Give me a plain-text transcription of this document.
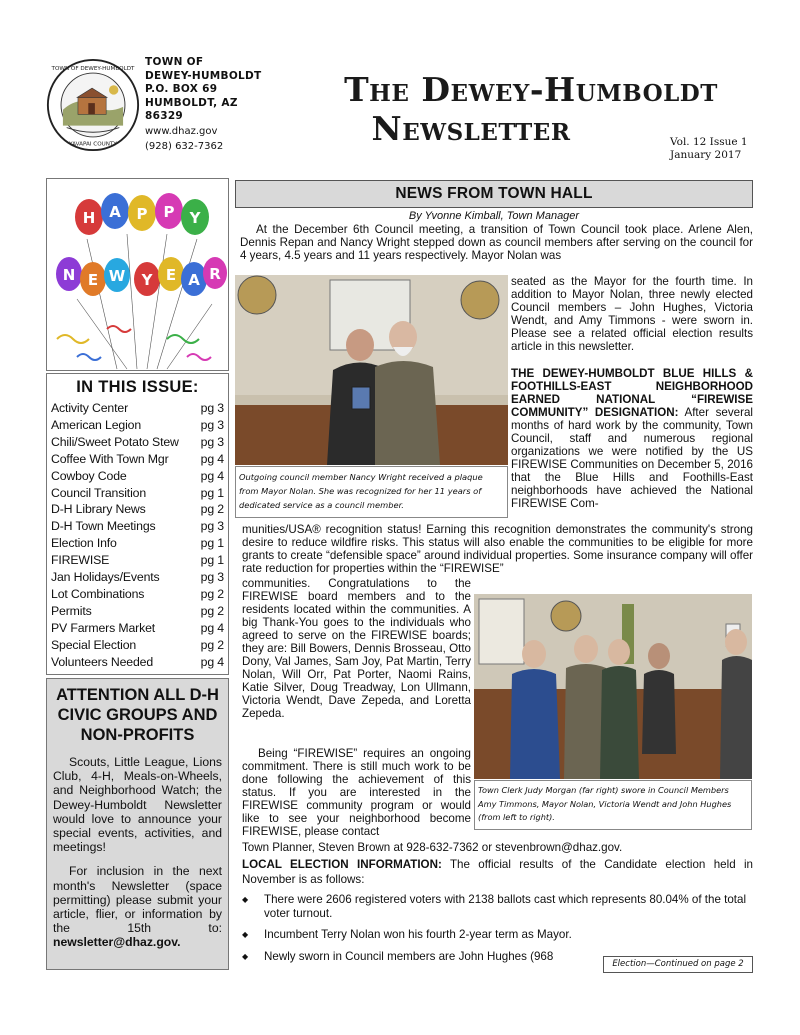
TOWN OF DEWEY-HUMBOLDT
YAVAPAI COUNTY
TOWN OF
DEWEY-HUMBOLDT
P.O. BOX 69
HUMBOLDT, AZ
86329
www.dhaz.gov
(928) 632-7362
The Dewey-Humboldt
Newsletter	Vol. 12 Issue 1
January 2017
H A P P Y
N E W Y E A R
IN THIS ISSUE:
Activity Center	pg 3
American Legion	pg 3
Chili/Sweet Potato Stew pg 3
Coffee With Town Mgr	pg 4
Cowboy Code	pg 4
Council Transition	pg 1
D-H Library News	pg 2
D-H Town Meetings	pg 3
Election Info	pg 1
FIREWISE	pg 1
Jan Holidays/Events	pg 3
Lot Combinations	pg 2
Permits	pg 2
PV Farmers Market	pg 4
Special Election	pg 2
Volunteers Needed	pg 4
ATTENTION ALL D-H CIVIC GROUPS AND NON-PROFITS

Scouts, Little League, Lions Club, 4-H, Meals-on-Wheels, and Neighborhood Watch; the Dewey-Humboldt Newsletter would love to announce your special events, activities, and meetings!

For inclusion in the next month's Newsletter (space permitting) please submit your article, flier, or information by the 15th to: newsletter@dhaz.gov.

NEWS FROM TOWN HALL
By Yvonne Kimball, Town Manager
At the December 6th Council meeting, a transition of Town Council took place. Arlene Alen, Dennis Repan and Nancy Wright stepped down as council members after serving on the council for 4 years, 4.5 years and 11 years respectively. Mayor Nolan was
Outgoing council member Nancy Wright received a plaque from Mayor Nolan. She was recognized for her 11 years of dedicated service as a council member.
seated as the Mayor for the fourth time. In addition to Mayor Nolan, three newly elected Council members – John Hughes, Victoria Wendt, and Amy Timmons - were sworn in. Please see a related official election results article in this newsletter.
THE DEWEY-HUMBOLDT BLUE HILLS & FOOTHILLS-EAST NEIGHBORHOOD EARNED NATIONAL “FIREWISE COMMUNITY” DESIGNATION: After several months of hard work by the community, Town Council, staff and numerous regional organizations we were notified by the US FIREWISE Communities on December 5, 2016 that the Blue Hills and Foothills-East neighborhoods have achieved the National FIREWISE Com-
munities/USA® recognition status! Earning this recognition demonstrates the community's strong desire to reduce wildfire risks. This status will also enable the communities to be eligible for more grants to create “defensible space” around individual properties. Some insurance company will offer rate reduction for properties within the “FIREWISE”
communities. Congratulations to the FIREWISE board members and to the residents located within the communities. A big Thank-You goes to the individuals who agreed to serve on the FIREWISE boards; they are: Bill Bowers, Dennis Brosseau, Otto Dony, Val James, Sam Joy, Pat Martin, Terry Nolan, Will Orr, Pat Porter, Naomi Rains, Katie Silver, Doug Treadway, Lon Ullmann, Victoria Wendt, Dave Zepeda, and Loretta Zepeda.
Being “FIREWISE” requires an ongoing commitment. There is still much work to be done following the achievement of this status. If you are interested in the FIREWISE community program or would like to see your neighborhood become FIREWISE, please contact
Town Clerk Judy Morgan (far right) swore in Council Members Amy Timmons, Mayor Nolan, Victoria Wendt and John Hughes (from left to right).
Town Planner, Steven Brown at 928-632-7362 or stevenbrown@dhaz.gov.
LOCAL ELECTION INFORMATION: The official results of the Candidate election held in November is as follows:
◆ There were 2606 registered voters with 2138 ballots cast which represents 80.04% of the total voter turnout.
◆ Incumbent Terry Nolan won his fourth 2-year term as Mayor.
◆ Newly sworn in Council members are John Hughes (968
Election—Continued on page 2
